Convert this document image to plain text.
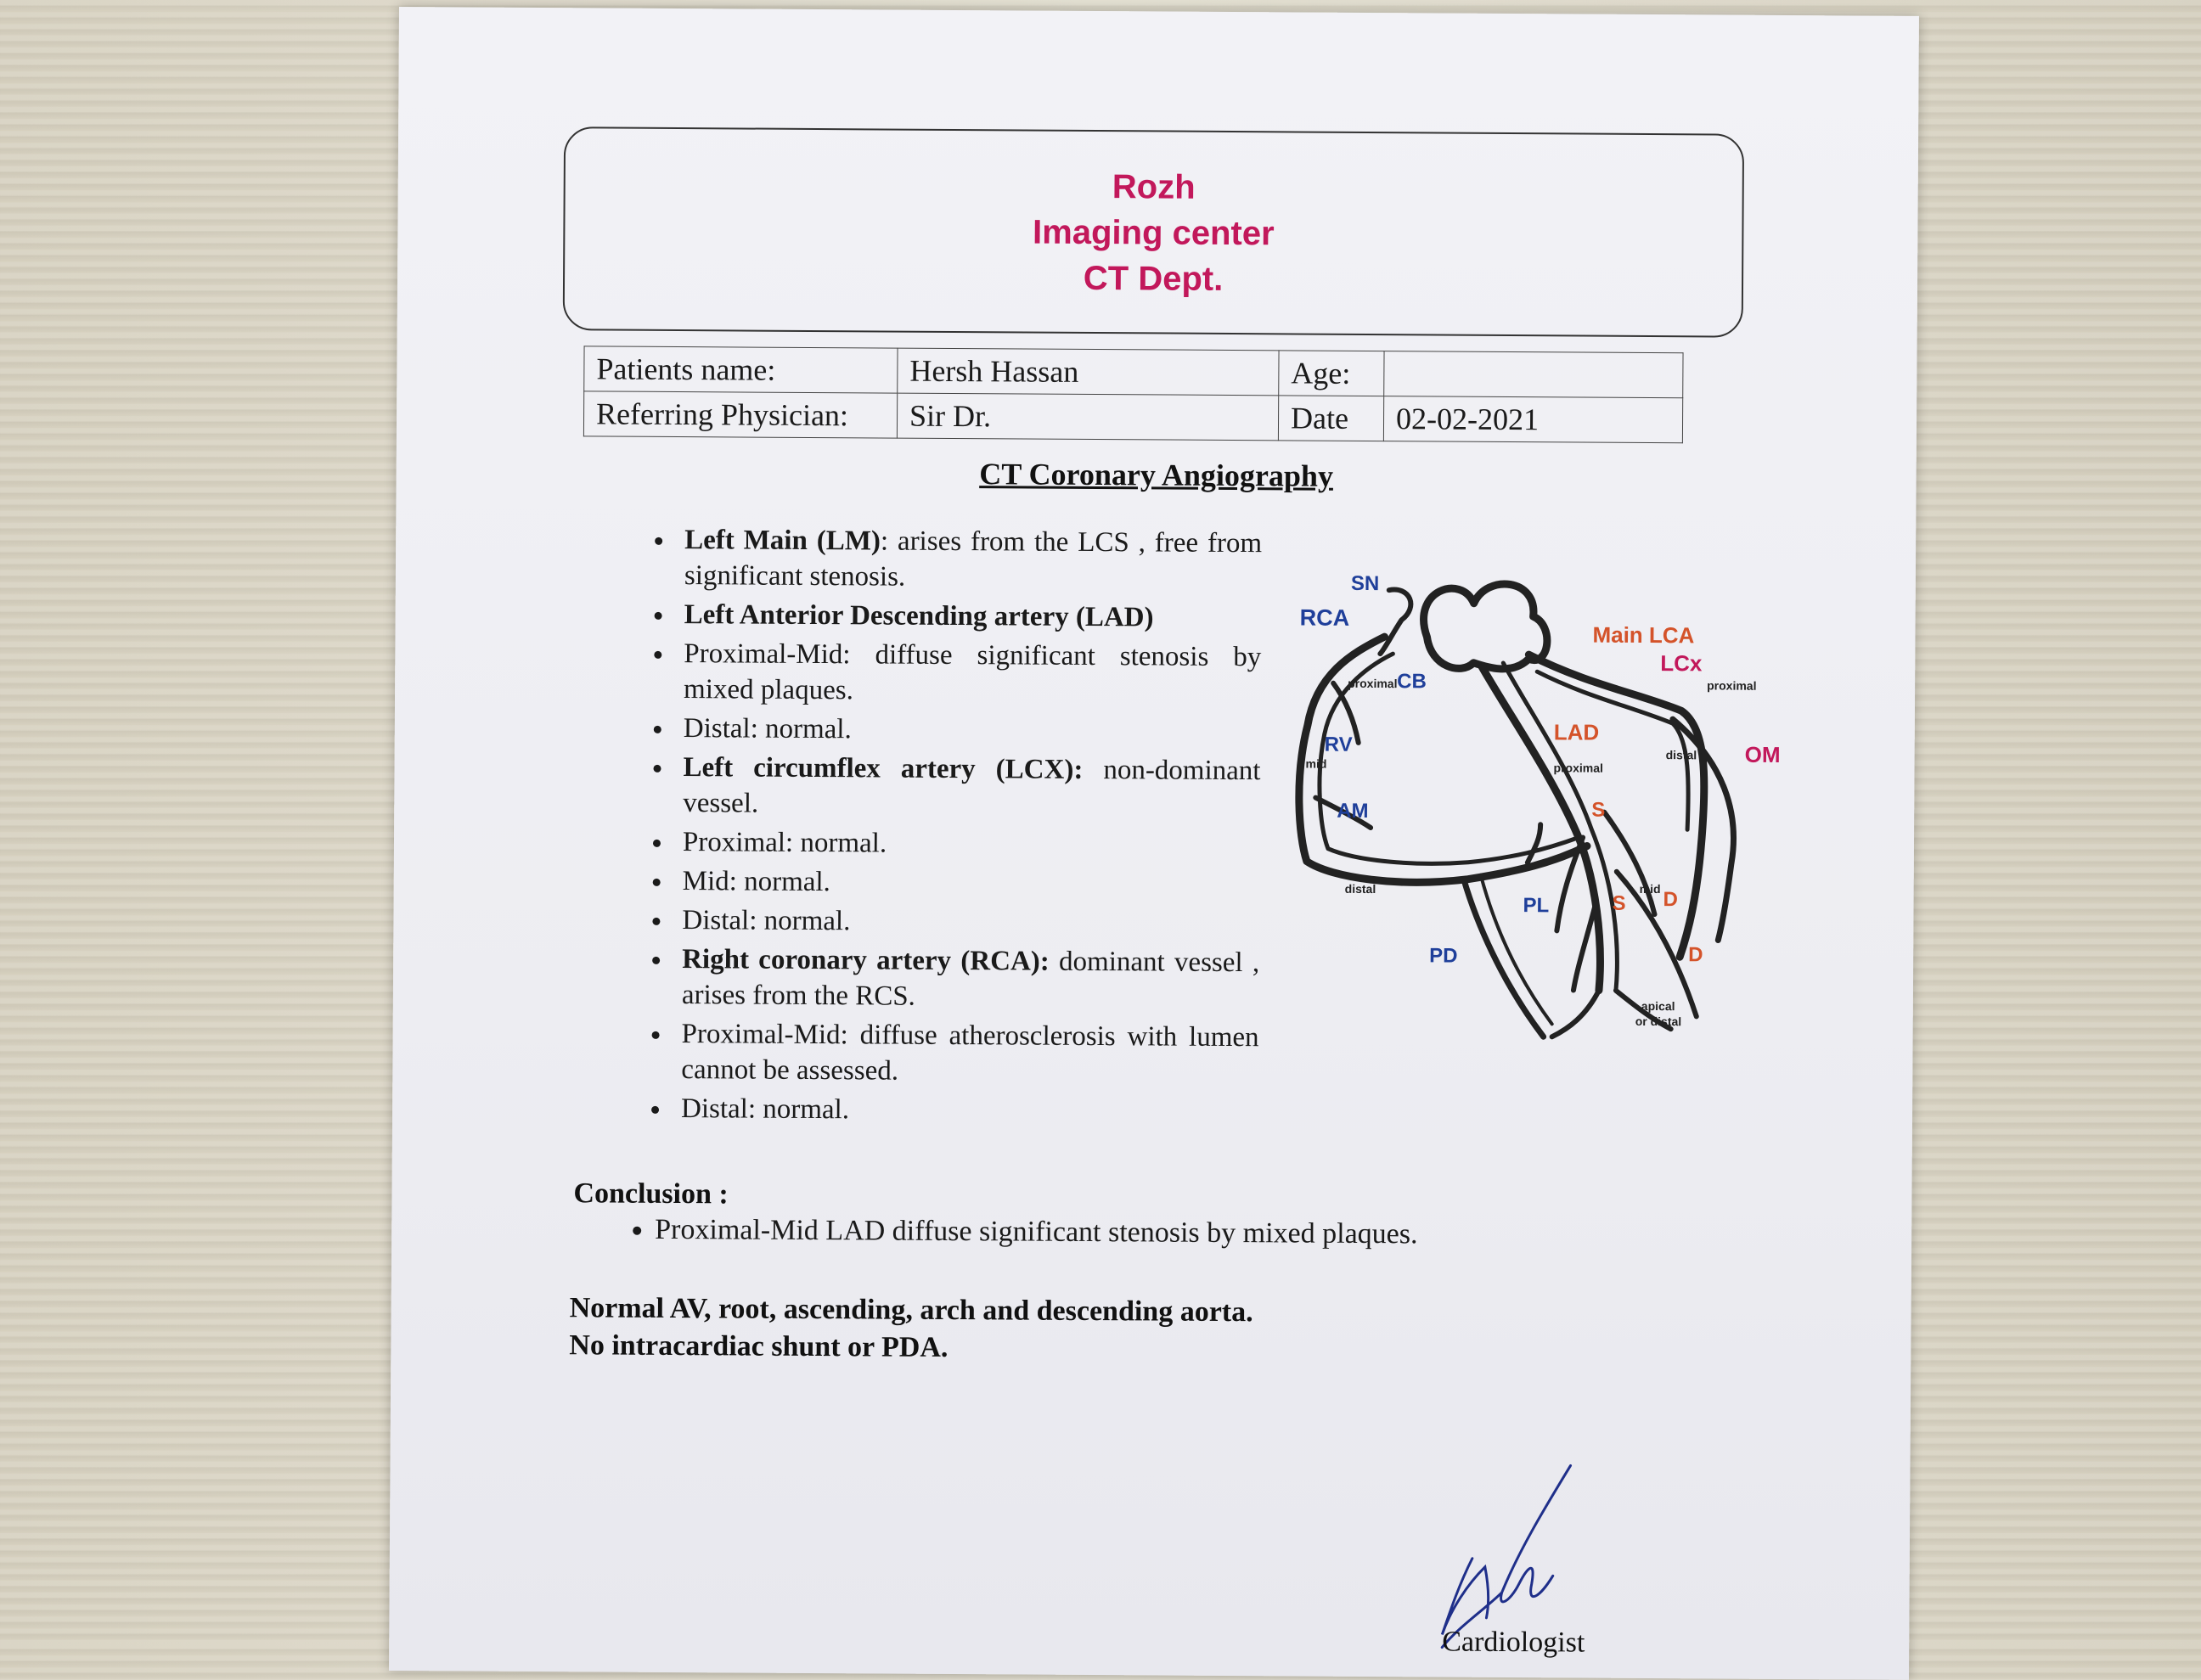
Rozh
Imaging center
CT Dept.
Patients name:	Hersh Hassan	Age:	
Referring Physician:	Sir Dr.	Date	02-02-2021
CT Coronary Angiography
• Left Main (LM): arises from the LCS , free from significant stenosis.
• Left Anterior Descending artery (LAD)
• Proximal-Mid: diffuse significant stenosis by mixed plaques.
• Distal: normal.
• Left circumflex artery (LCX): non-dominant vessel.
• Proximal: normal.
• Mid: normal.
• Distal: normal.
• Right coronary artery (RCA): dominant vessel , arises from the RCS.
• Proximal-Mid: diffuse atherosclerosis with lumen cannot be assessed.
• Distal: normal.
SN
RCA
CB
proximal
RV
mid
AM
distal
PD
PL
Main LCA
LCx
proximal
LAD
proximal
distal OM
S
S
mid D
D
apical
or distal
Conclusion :
• Proximal-Mid LAD diffuse significant stenosis by mixed plaques.
Normal AV, root, ascending, arch and descending aorta.
No intracardiac shunt or PDA.
Cardiologist
